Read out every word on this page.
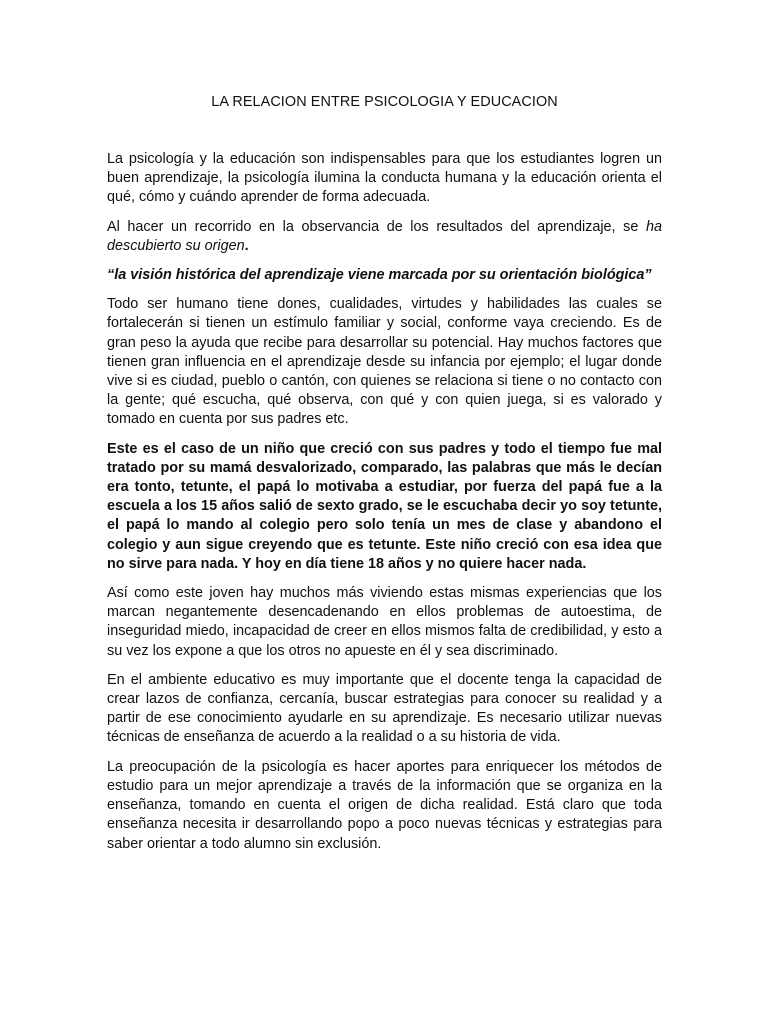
LA RELACION ENTRE PSICOLOGIA Y EDUCACION

La psicología y la educación son indispensables para que los estudiantes logren un buen aprendizaje, la psicología ilumina la conducta humana y la educación orienta el qué, cómo y cuándo aprender de forma adecuada.

Al hacer un recorrido en la observancia de los resultados del aprendizaje, se ha descubierto su origen.

“la visión histórica del aprendizaje viene marcada por su orientación biológica”

Todo ser humano tiene dones, cualidades, virtudes y habilidades las cuales se fortalecerán si tienen un estímulo familiar y social, conforme vaya creciendo. Es de gran peso la ayuda que recibe para desarrollar su potencial. Hay muchos factores que tienen gran influencia en el aprendizaje desde su infancia por ejemplo; el lugar donde vive si es ciudad, pueblo o cantón, con quienes se relaciona si tiene o no contacto con la gente; qué escucha, qué observa, con qué y con quien juega, si es valorado y tomado en cuenta por sus padres etc.

Este es el caso de un niño que creció con sus padres y todo el tiempo fue mal tratado por su mamá desvalorizado, comparado, las palabras que más le decían era tonto, tetunte, el papá lo motivaba a estudiar, por fuerza del papá fue a la escuela a los 15 años salió de sexto grado, se le escuchaba decir yo soy tetunte, el papá lo mando al colegio pero solo tenía un mes de clase y abandono el colegio y aun sigue creyendo que es tetunte. Este niño creció con esa idea que no sirve para nada. Y hoy en día tiene 18 años y no quiere hacer nada.

Así como este joven hay muchos más viviendo estas mismas experiencias que los marcan negantemente desencadenando en ellos problemas de autoestima, de inseguridad miedo, incapacidad de creer en ellos mismos falta de credibilidad, y esto a su vez los expone a que los otros no apueste en él y sea discriminado.

En el ambiente educativo es muy importante que el docente tenga la capacidad de crear lazos de confianza, cercanía, buscar estrategias para conocer su realidad y a partir de ese conocimiento ayudarle en su aprendizaje. Es necesario utilizar nuevas técnicas de enseñanza de acuerdo a la realidad o a su historia de vida.

La preocupación de la psicología es hacer aportes para enriquecer los métodos de estudio para un mejor aprendizaje a través de la información que se organiza en la enseñanza, tomando en cuenta el origen de dicha realidad. Está claro que toda enseñanza necesita ir desarrollando popo a poco nuevas técnicas y estrategias para saber orientar a todo alumno sin exclusión.
